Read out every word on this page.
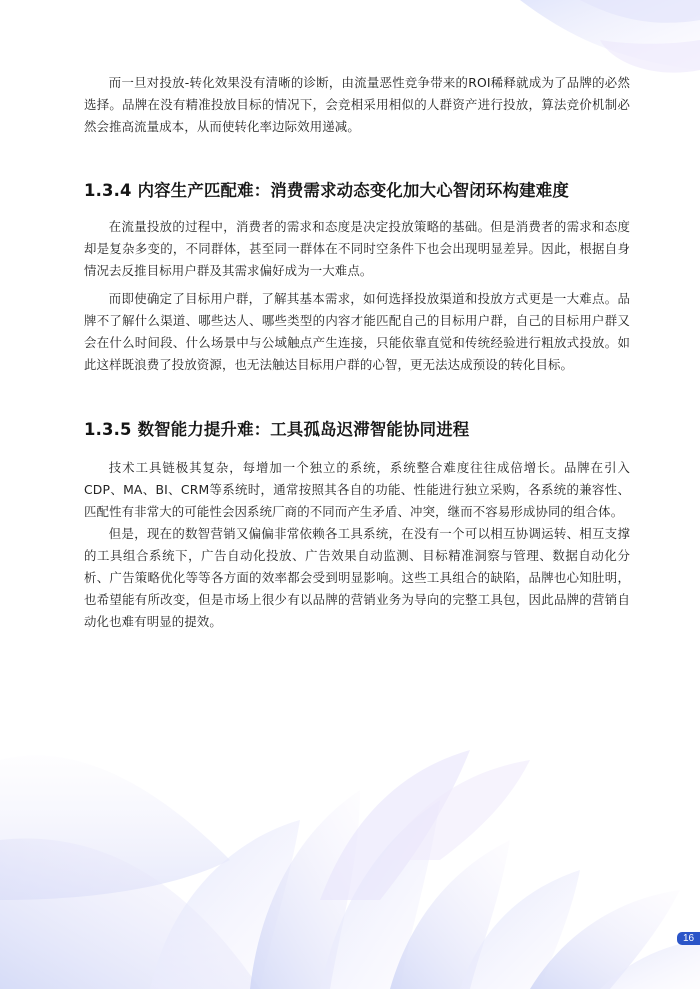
而一旦对投放-转化效果没有清晰的诊断，由流量恶性竞争带来的ROI稀释就成为了品牌的必然选择。品牌在没有精准投放目标的情况下，会竞相采用相似的人群资产进行投放，算法竞价机制必然会推高流量成本，从而使转化率边际效用递减。

1.3.4 内容生产匹配难：消费需求动态变化加大心智闭环构建难度

在流量投放的过程中，消费者的需求和态度是决定投放策略的基础。但是消费者的需求和态度却是复杂多变的，不同群体，甚至同一群体在不同时空条件下也会出现明显差异。因此，根据自身情况去反推目标用户群及其需求偏好成为一大难点。

而即使确定了目标用户群，了解其基本需求，如何选择投放渠道和投放方式更是一大难点。品牌不了解什么渠道、哪些达人、哪些类型的内容才能匹配自己的目标用户群，自己的目标用户群又会在什么时间段、什么场景中与公域触点产生连接，只能依靠直觉和传统经验进行粗放式投放。如此这样既浪费了投放资源，也无法触达目标用户群的心智，更无法达成预设的转化目标。

1.3.5 数智能力提升难：工具孤岛迟滞智能协同进程

技术工具链极其复杂，每增加一个独立的系统，系统整合难度往往成倍增长。品牌在引入CDP、MA、BI、CRM等系统时，通常按照其各自的功能、性能进行独立采购，各系统的兼容性、匹配性有非常大的可能性会因系统厂商的不同而产生矛盾、冲突，继而不容易形成协同的组合体。

但是，现在的数智营销又偏偏非常依赖各工具系统，在没有一个可以相互协调运转、相互支撑的工具组合系统下，广告自动化投放、广告效果自动监测、目标精准洞察与管理、数据自动化分析、广告策略优化等等各方面的效率都会受到明显影响。这些工具组合的缺陷，品牌也心知肚明，也希望能有所改变，但是市场上很少有以品牌的营销业务为导向的完整工具包，因此品牌的营销自动化也难有明显的提效。

16
